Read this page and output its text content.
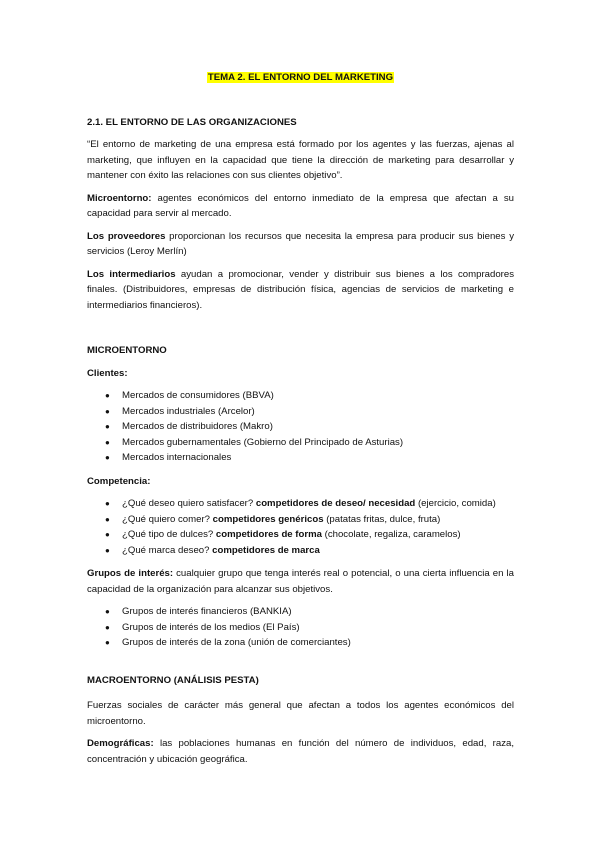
TEMA 2. EL ENTORNO DEL MARKETING

2.1. EL ENTORNO DE LAS ORGANIZACIONES

“El entorno de marketing de una empresa está formado por los agentes y las fuerzas, ajenas al marketing, que influyen en la capacidad que tiene la dirección de marketing para desarrollar y mantener con éxito las relaciones con sus clientes objetivo”.

Microentorno: agentes económicos del entorno inmediato de la empresa que afectan a su capacidad para servir al mercado.

Los proveedores proporcionan los recursos que necesita la empresa para producir sus bienes y servicios (Leroy Merlín)

Los intermediarios ayudan a promocionar, vender y distribuir sus bienes a los compradores finales. (Distribuidores, empresas de distribución física, agencias de servicios de marketing e intermediarios financieros).

MICROENTORNO

Clientes:

● Mercados de consumidores (BBVA)
● Mercados industriales (Arcelor)
● Mercados de distribuidores (Makro)
● Mercados gubernamentales (Gobierno del Principado de Asturias)
● Mercados internacionales

Competencia:

● ¿Qué deseo quiero satisfacer? competidores de deseo/ necesidad (ejercicio, comida)
● ¿Qué quiero comer? competidores genéricos (patatas fritas, dulce, fruta)
● ¿Qué tipo de dulces? competidores de forma (chocolate, regaliza, caramelos)
● ¿Qué marca deseo? competidores de marca

Grupos de interés: cualquier grupo que tenga interés real o potencial, o una cierta influencia en la capacidad de la organización para alcanzar sus objetivos.

● Grupos de interés financieros (BANKIA)
● Grupos de interés de los medios (El País)
● Grupos de interés de la zona (unión de comerciantes)

MACROENTORNO (ANÁLISIS PESTA)

Fuerzas sociales de carácter más general que afectan a todos los agentes económicos del microentorno.

Demográficas: las poblaciones humanas en función del número de individuos, edad, raza, concentración y ubicación geográfica.
